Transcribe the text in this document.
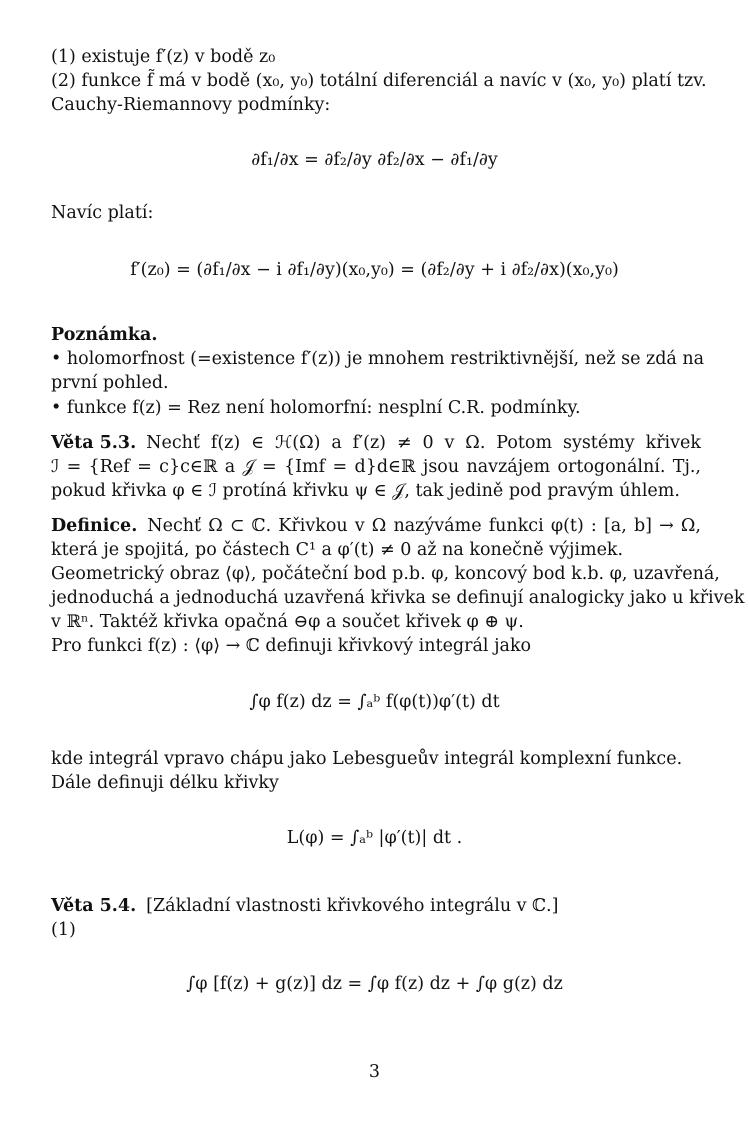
(1) existuje f′(z) v bodě z₀
(2) funkce f̃ má v bodě (x₀, y₀) totální diferenciál a navíc v (x₀, y₀) platí tzv.
Cauchy-Riemannovy podmínky:
∂f₁/∂x = ∂f₂/∂y ∂f₂/∂x − ∂f₁/∂y
Navíc platí:
f′(z₀) = (∂f₁/∂x − i ∂f₁/∂y)(x₀,y₀) = (∂f₂/∂y + i ∂f₂/∂x)(x₀,y₀)
Poznámka.
• holomorfnost (=existence f′(z)) je mnohem restriktivnější, než se zdá na
první pohled.
• funkce f(z) = Rez není holomorfní: nesplní C.R. podmínky.
Věta 5.3. Nechť f(z) ∈ ℋ(Ω) a f′(z) ≠ 0 v Ω. Potom systémy křivek
ℐ = {Ref = c}c∈ℝ a 𝒥 = {Imf = d}d∈ℝ jsou navzájem ortogonální. Tj.,
pokud křivka φ ∈ ℐ protíná křivku ψ ∈ 𝒥, tak jedině pod pravým úhlem.
Definice. Nechť Ω ⊂ ℂ. Křivkou v Ω nazýváme funkci φ(t) : [a, b] → Ω,
která je spojitá, po částech C¹ a φ′(t) ≠ 0 až na konečně výjimek.
Geometrický obraz ⟨φ⟩, počáteční bod p.b. φ, koncový bod k.b. φ, uzavřená,
jednoduchá a jednoduchá uzavřená křivka se definují analogicky jako u křivek
v ℝⁿ. Taktéž křivka opačná ⊖φ a součet křivek φ ⊕ ψ.
Pro funkci f(z) : ⟨φ⟩ → ℂ definuji křivkový integrál jako
∫φ f(z) dz = ∫ₐᵇ f(φ(t))φ′(t) dt
kde integrál vpravo chápu jako Lebesgueův integrál komplexní funkce.
Dále definuji délku křivky
L(φ) = ∫ₐᵇ |φ′(t)| dt .
Věta 5.4. [Základní vlastnosti křivkového integrálu v ℂ.]
(1)
∫φ [f(z) + g(z)] dz = ∫φ f(z) dz + ∫φ g(z) dz
3
